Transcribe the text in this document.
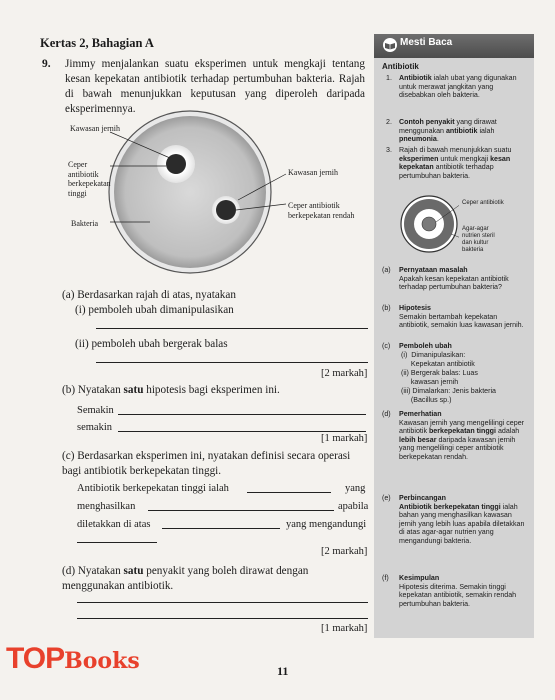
Kertas 2, Bahagian A
9. Jimmy menjalankan suatu eksperimen untuk mengkaji tentang kesan kepekatan antibiotik terhadap pertumbuhan bakteria. Rajah di bawah menunjukkan keputusan yang diperoleh daripada eksperimennya.
Kawasan jernih
Ceper
antibiotik
berkepekatan
tinggi
Bakteria
Kawasan jernih
Ceper antibiotik
berkepekatan rendah
(a) Berdasarkan rajah di atas, nyatakan
(i) pemboleh ubah dimanipulasikan
(ii) pemboleh ubah bergerak balas
[2 markah]
(b) Nyatakan satu hipotesis bagi eksperimen ini.
Semakin
semakin
[1 markah]
(c) Berdasarkan eksperimen ini, nyatakan definisi secara operasi bagi antibiotik berkepekatan tinggi.
Antibiotik berkepekatan tinggi ialah	yang
menghasilkan	apabila
diletakkan di atas	yang mengandungi
[2 markah]
(d) Nyatakan satu penyakit yang boleh dirawat dengan menggunakan antibiotik.
[1 markah]
11
Mesti Baca
Antibiotik
1. Antibiotik ialah ubat yang digunakan untuk merawat jangkitan yang disebabkan oleh bakteria.
2. Contoh penyakit yang dirawat menggunakan antibiotik ialah pneumonia.
3. Rajah di bawah menunjukkan suatu eksperimen untuk mengkaji kesan kepekatan antibiotik terhadap pertumbuhan bakteria.
Ceper antibiotik
Agar-agar
nutrien steril
dan kultur
bakteria
(a) Pernyataan masalah
Apakah kesan kepekatan antibiotik terhadap pertumbuhan bakteria?
(b) Hipotesis
Semakin bertambah kepekatan antibiotik, semakin luas kawasan jernih.
(c) Pemboleh ubah
(i)  Dimanipulasikan:
Kepekatan antibiotik
(ii) Bergerak balas: Luas
kawasan jernih
(iii) Dimalarkan: Jenis bakteria
(Bacillus sp.)
(d) Pemerhatian
Kawasan jernih yang mengelilingi ceper antibiotik berkepekatan tinggi adalah lebih besar daripada kawasan jernih yang mengelilingi ceper antibiotik berkepekatan rendah.
(e) Perbincangan
Antibiotik berkepekatan tinggi ialah bahan yang menghasilkan kawasan jernih yang lebih luas apabila diletakkan di atas agar-agar nutrien yang mengandungi bakteria.
(f) Kesimpulan
Hipotesis diterima. Semakin tinggi kepekatan antibiotik, semakin rendah pertumbuhan bakteria.
TOPBooks
